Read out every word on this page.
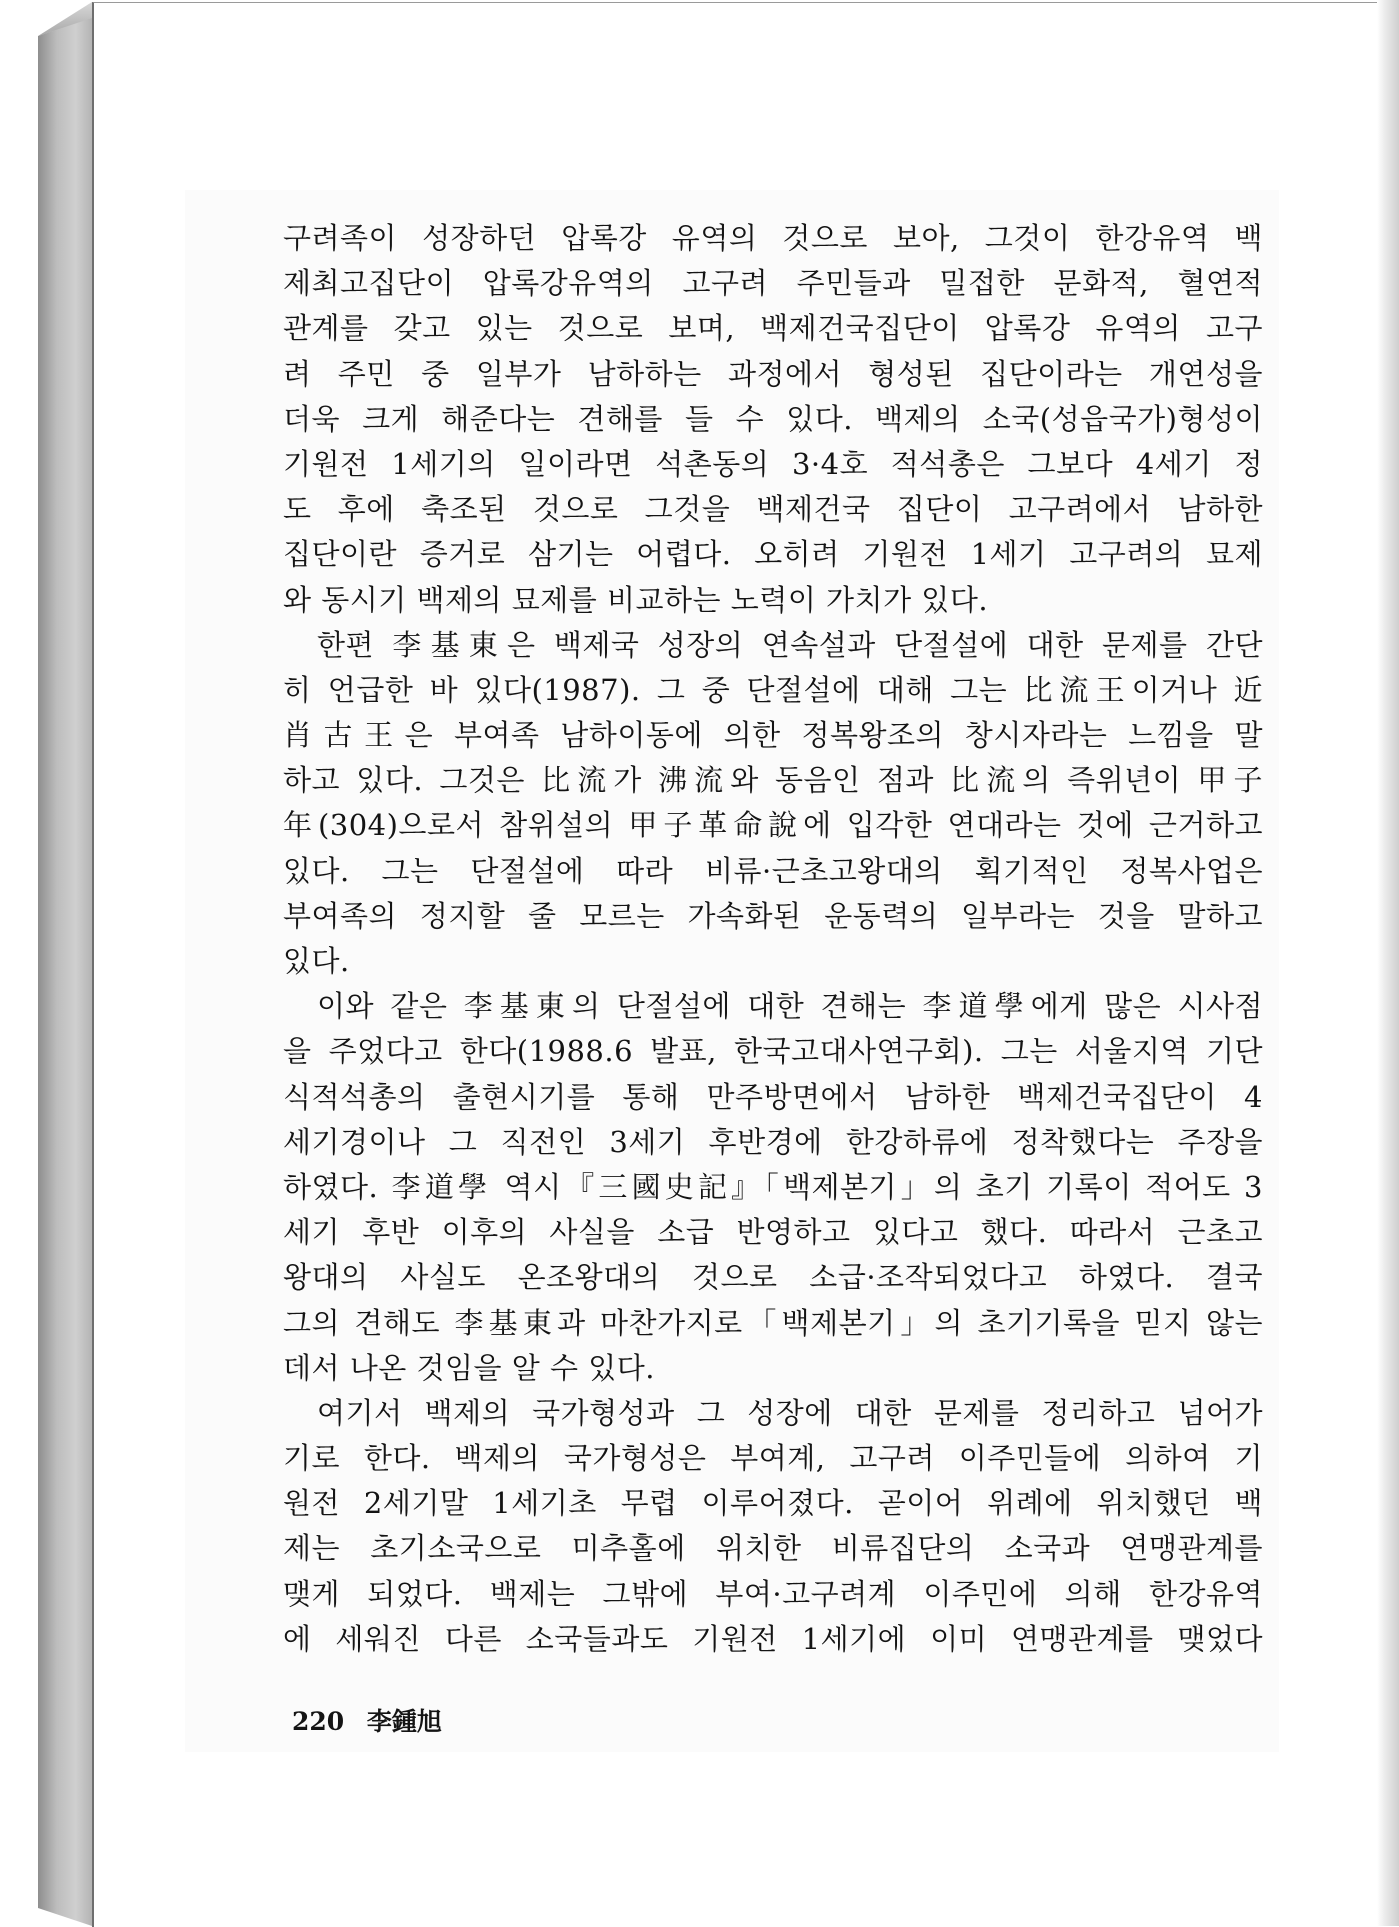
구려족이 성장하던 압록강 유역의 것으로 보아, 그것이 한강유역 백
제최고집단이 압록강유역의 고구려 주민들과 밀접한 문화적, 혈연적
관계를 갖고 있는 것으로 보며, 백제건국집단이 압록강 유역의 고구
려 주민 중 일부가 남하하는 과정에서 형성된 집단이라는 개연성을
더욱 크게 해준다는 견해를 들 수 있다. 백제의 소국(성읍국가)형성이
기원전 1세기의 일이라면 석촌동의 3·4호 적석총은 그보다 4세기 정
도 후에 축조된 것으로 그것을 백제건국 집단이 고구려에서 남하한
집단이란 증거로 삼기는 어렵다. 오히려 기원전 1세기 고구려의 묘제
와 동시기 백제의 묘제를 비교하는 노력이 가치가 있다.
한편 李基東은 백제국 성장의 연속설과 단절설에 대한 문제를 간단
히 언급한 바 있다(1987). 그 중 단절설에 대해 그는 比流王이거나 近
肖古王은 부여족 남하이동에 의한 정복왕조의 창시자라는 느낌을 말
하고 있다. 그것은 比流가 沸流와 동음인 점과 比流의 즉위년이 甲子
年(304)으로서 참위설의 甲子革命說에 입각한 연대라는 것에 근거하고
있다. 그는 단절설에 따라 비류·근초고왕대의 획기적인 정복사업은
부여족의 정지할 줄 모르는 가속화된 운동력의 일부라는 것을 말하고
있다.
이와 같은 李基東의 단절설에 대한 견해는 李道學에게 많은 시사점
을 주었다고 한다(1988.6 발표, 한국고대사연구회). 그는 서울지역 기단
식적석총의 출현시기를 통해 만주방면에서 남하한 백제건국집단이 4
세기경이나 그 직전인 3세기 후반경에 한강하류에 정착했다는 주장을
하였다. 李道學 역시『三國史記』「백제본기」의 초기 기록이 적어도 3
세기 후반 이후의 사실을 소급 반영하고 있다고 했다. 따라서 근초고
왕대의 사실도 온조왕대의 것으로 소급·조작되었다고 하였다. 결국
그의 견해도 李基東과 마찬가지로「백제본기」의 초기기록을 믿지 않는
데서 나온 것임을 알 수 있다.
여기서 백제의 국가형성과 그 성장에 대한 문제를 정리하고 넘어가
기로 한다. 백제의 국가형성은 부여계, 고구려 이주민들에 의하여 기
원전 2세기말 1세기초 무렵 이루어졌다. 곧이어 위례에 위치했던 백
제는 초기소국으로 미추홀에 위치한 비류집단의 소국과 연맹관계를
맺게 되었다. 백제는 그밖에 부여·고구려계 이주민에 의해 한강유역
에 세워진 다른 소국들과도 기원전 1세기에 이미 연맹관계를 맺었다
220 李鍾旭
